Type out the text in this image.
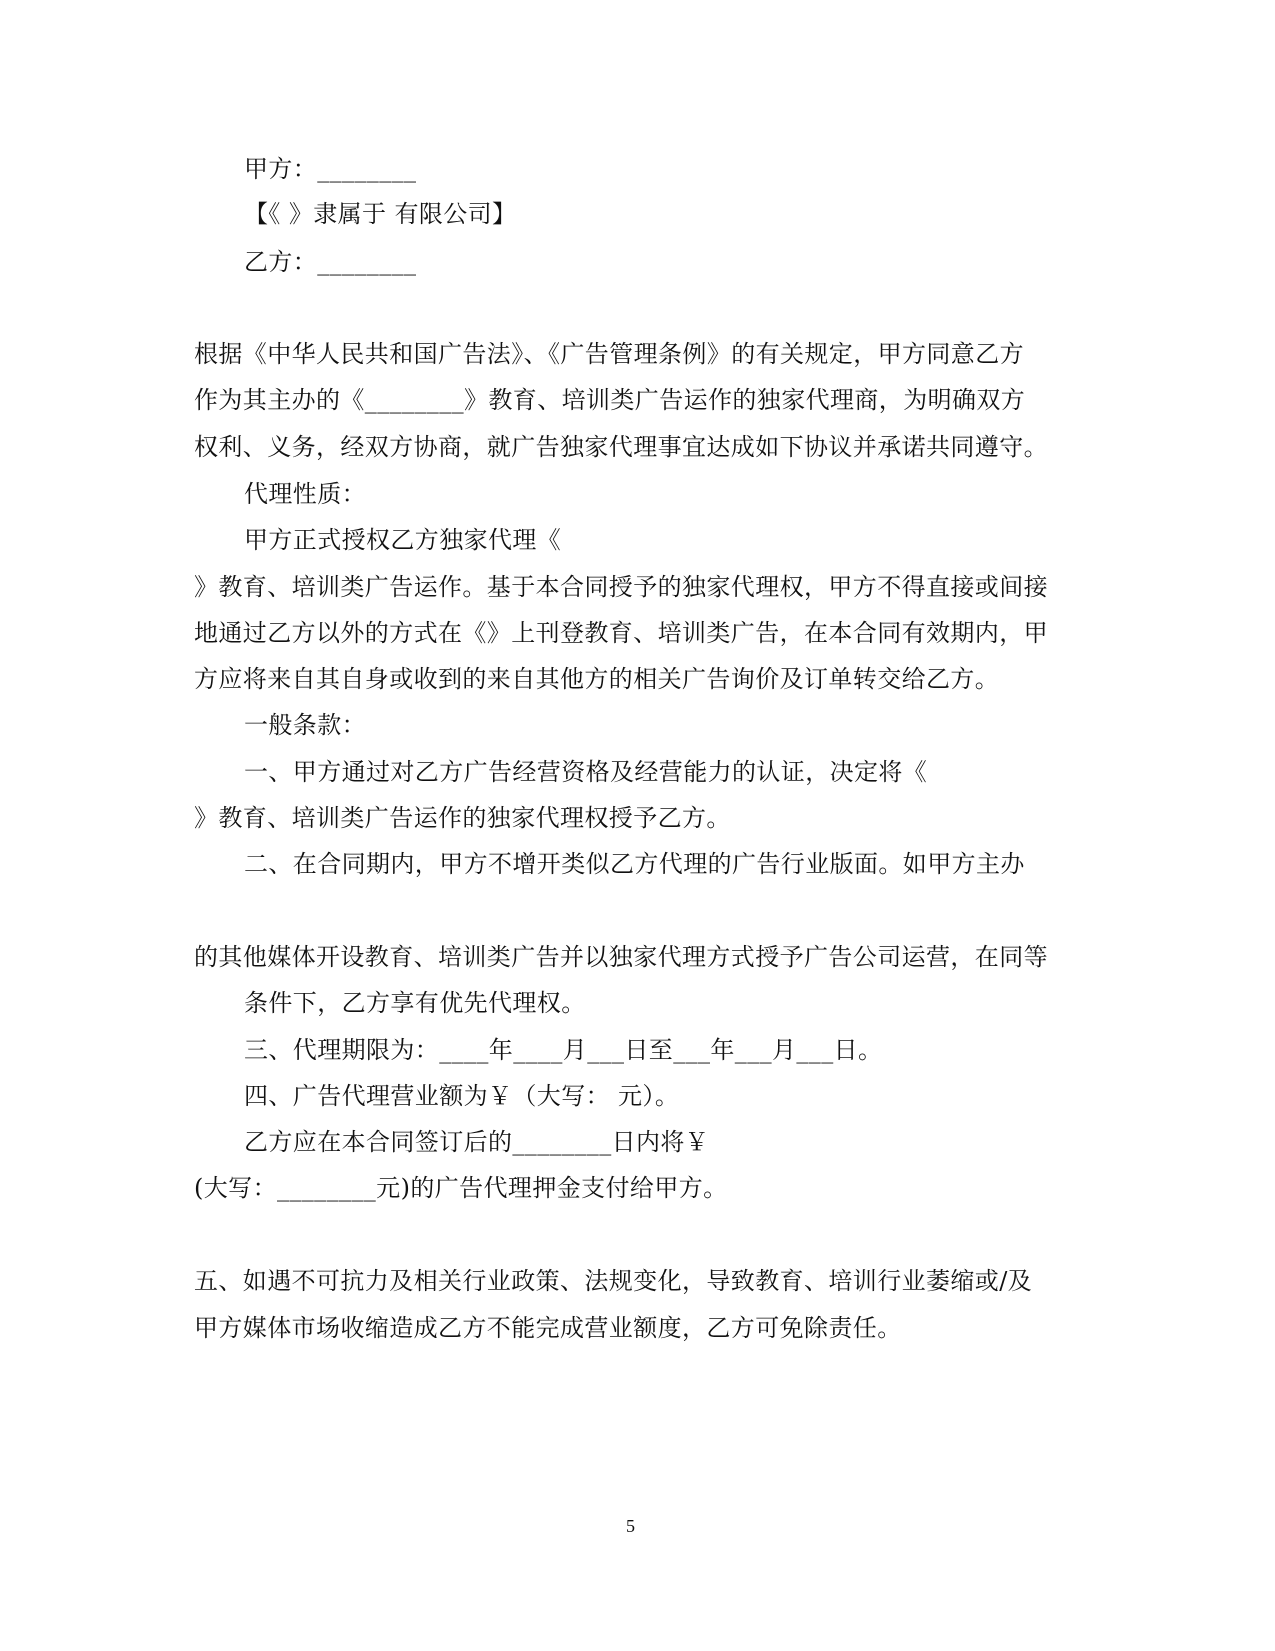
甲方：________
【《 》隶属于 有限公司】
乙方：________
根据《中华人民共和国广告法》、《广告管理条例》的有关规定，甲方同意乙方
作为其主办的《________》教育、培训类广告运作的独家代理商，为明确双方
权利、义务，经双方协商，就广告独家代理事宜达成如下协议并承诺共同遵守。
代理性质：
甲方正式授权乙方独家代理《
》教育、培训类广告运作。基于本合同授予的独家代理权，甲方不得直接或间接
地通过乙方以外的方式在《》上刊登教育、培训类广告，在本合同有效期内，甲
方应将来自其自身或收到的来自其他方的相关广告询价及订单转交给乙方。
一般条款：
一、甲方通过对乙方广告经营资格及经营能力的认证，决定将《
》教育、培训类广告运作的独家代理权授予乙方。
二、在合同期内，甲方不增开类似乙方代理的广告行业版面。如甲方主办
的其他媒体开设教育、培训类广告并以独家代理方式授予广告公司运营，在同等
条件下，乙方享有优先代理权。
三、代理期限为：____年____月___日至___年___月___日。
四、广告代理营业额为￥（大写： 元）。
乙方应在本合同签订后的________日内将￥
(大写：________元)的广告代理押金支付给甲方。
五、如遇不可抗力及相关行业政策、法规变化，导致教育、培训行业萎缩或/及
甲方媒体市场收缩造成乙方不能完成营业额度，乙方可免除责任。
5
